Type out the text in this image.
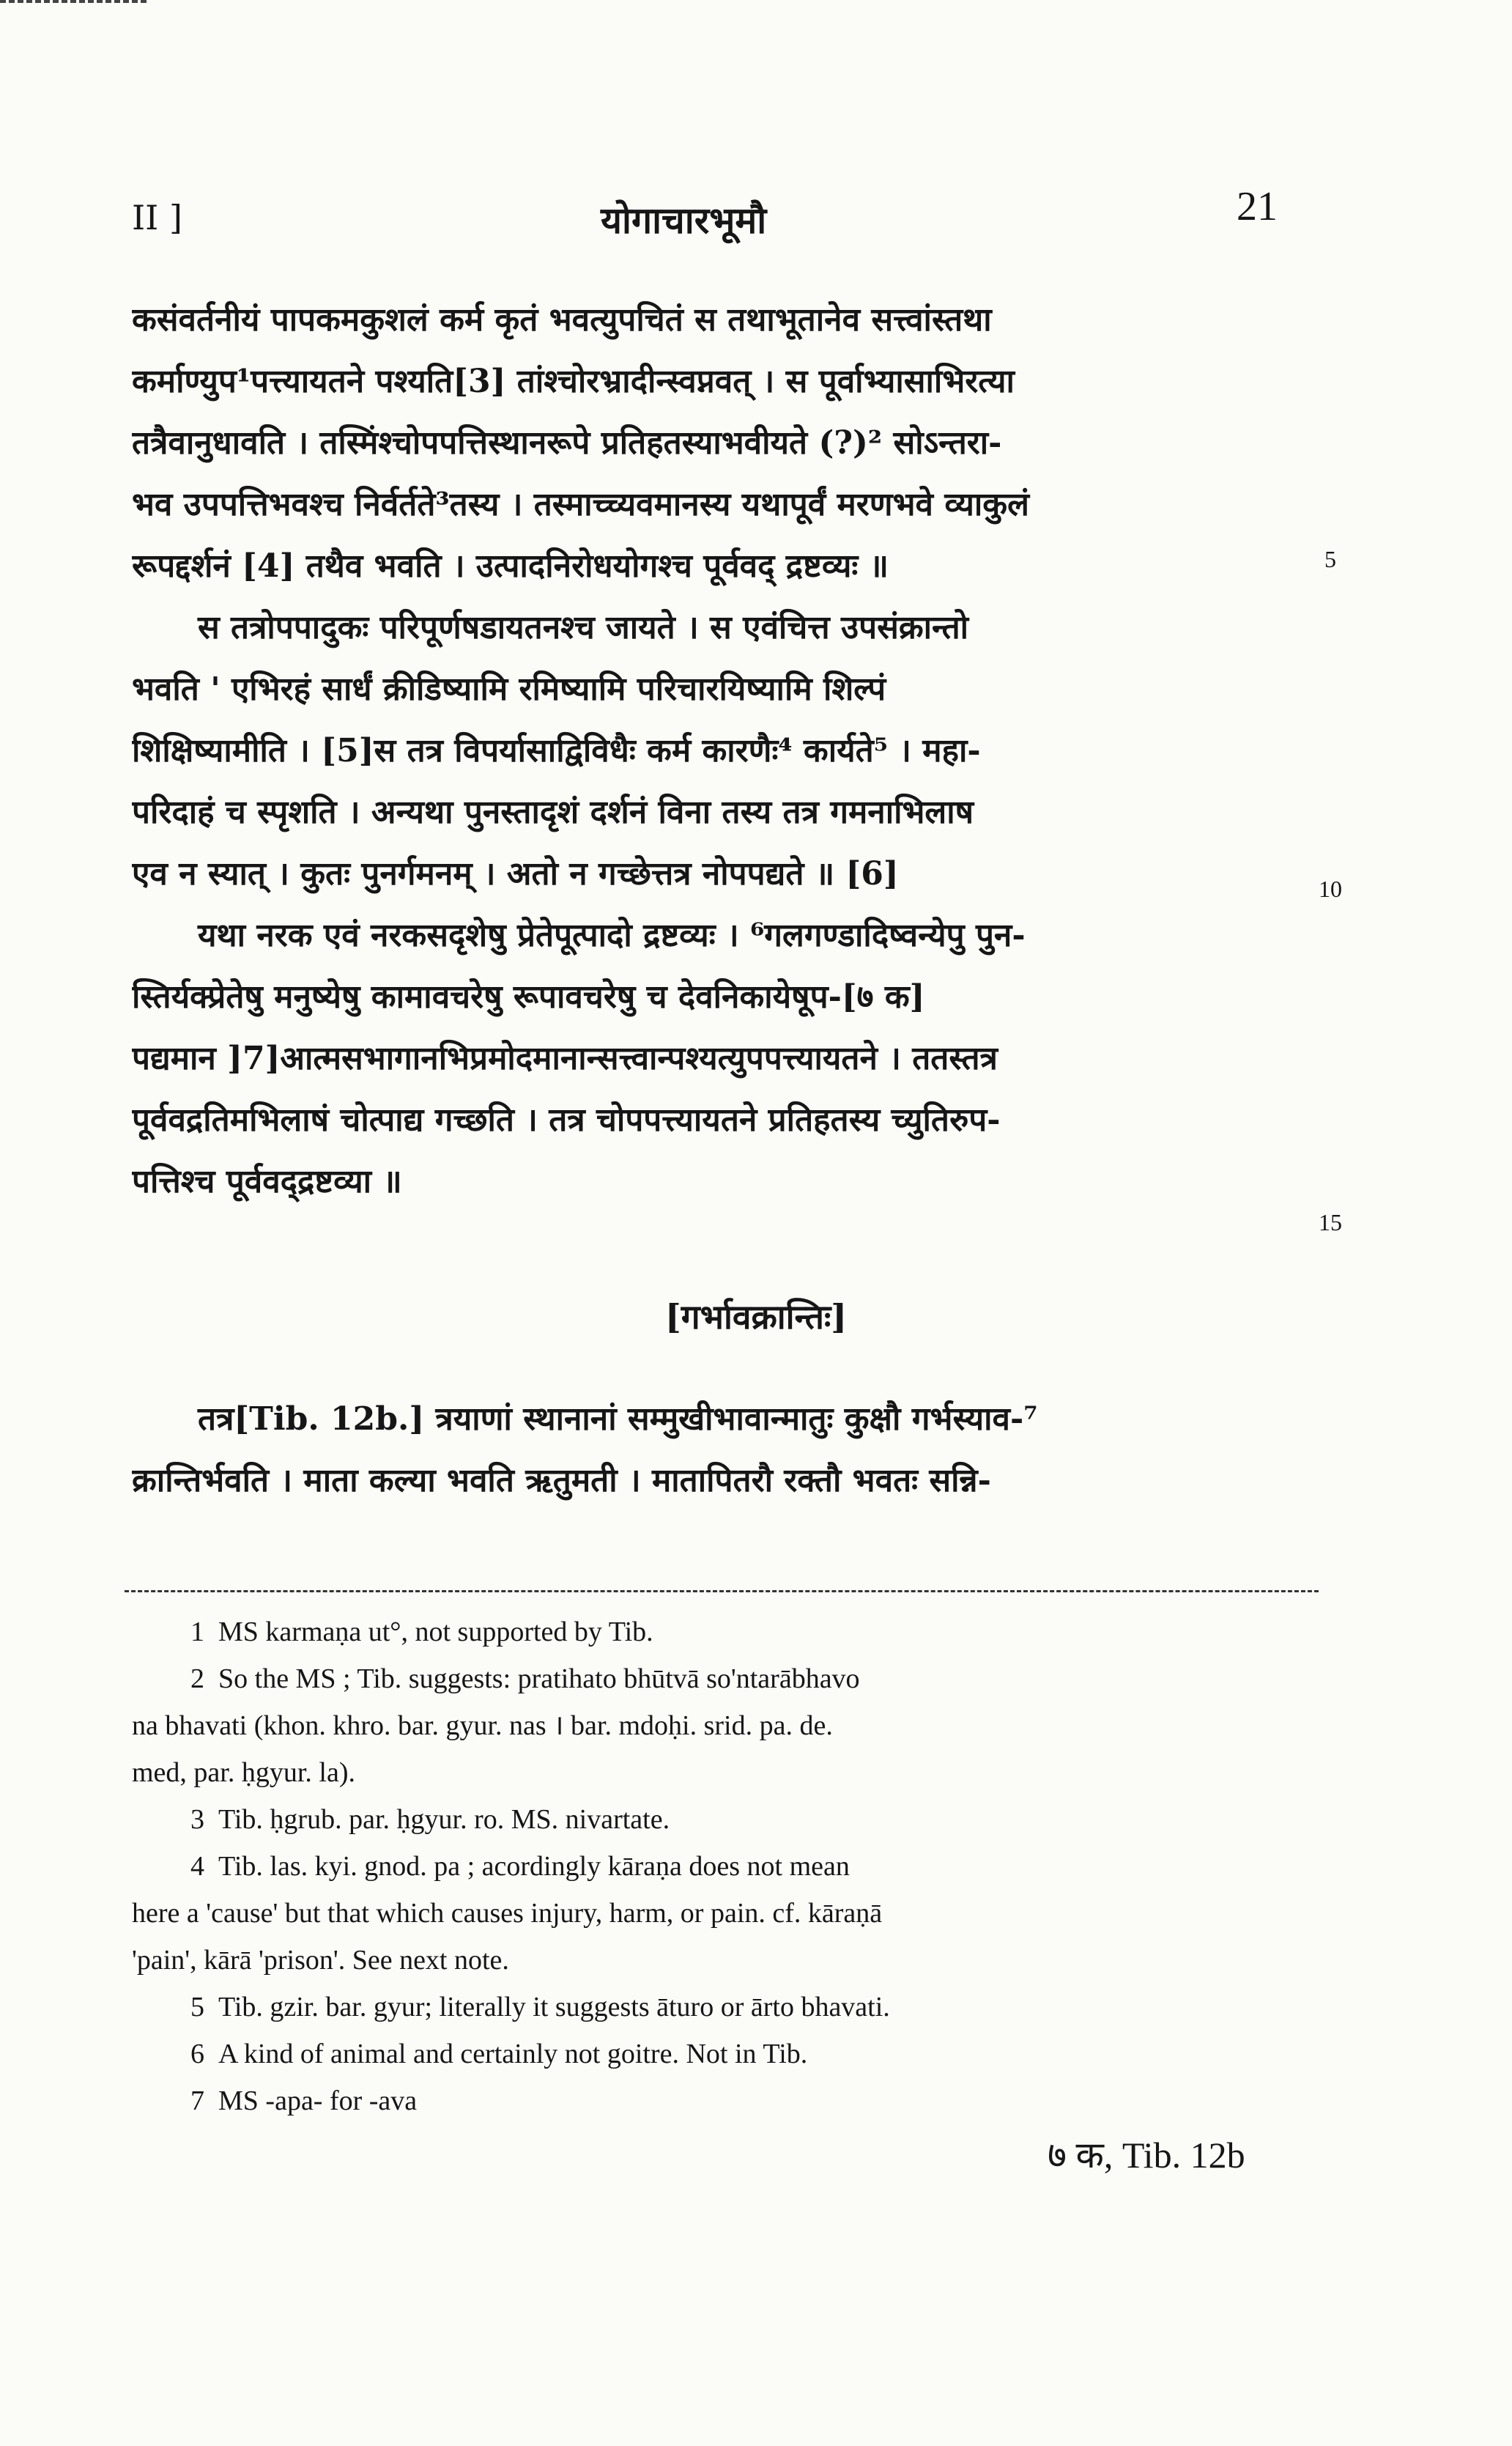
II ]	योगाचारभूमौ	21
कसंवर्तनीयं पापकमकुशलं कर्म कृतं भवत्युपचितं स तथाभूतानेव सत्त्वांस्तथा
कर्माण्युप¹पत्त्यायतने पश्यति[3] तांश्चोरभ्रादीन्स्वप्नवत् । स पूर्वाभ्यासाभिरत्या
तत्रैवानुधावति । तस्मिंश्चोपपत्तिस्थानरूपे प्रतिहतस्याभवीयते (?)² सोऽन्तरा-
भव उपपत्तिभवश्च निर्वर्तते³तस्य । तस्माच्च्यवमानस्य यथापूर्वं मरणभवे व्याकुलं
रूपद्दर्शनं [4] तथैव भवति । उत्पादनिरोधयोगश्च पूर्ववद् द्रष्टव्यः ॥
स तत्रोपपादुकः परिपूर्णषडायतनश्च जायते । स एवंचित्त उपसंक्रान्तो
भवति ' एभिरहं सार्धं क्रीडिष्यामि रमिष्यामि परिचारयिष्यामि शिल्पं
शिक्षिष्यामीति । [5]स तत्र विपर्यासाद्विविधैः कर्म कारणैः⁴ कार्यते⁵ । महा-
परिदाहं च स्पृशति । अन्यथा पुनस्तादृशं दर्शनं विना तस्य तत्र गमनाभिलाष
एव न स्यात् । कुतः पुनर्गमनम् । अतो न गच्छेत्तत्र नोपपद्यते ॥ [6]
यथा नरक एवं नरकसदृशेषु प्रेतेपूत्पादो द्रष्टव्यः । ⁶गलगण्डादिष्वन्येपु पुन-
स्तिर्यक्प्रेतेषु मनुष्येषु कामावचरेषु रूपावचरेषु च देवनिकायेषूप-[७ क]
पद्यमान ]7]आत्मसभागानभिप्रमोदमानान्सत्त्वान्पश्यत्युपपत्त्यायतने । ततस्तत्र
पूर्ववद्रतिमभिलाषं चोत्पाद्य गच्छति । तत्र चोपपत्त्यायतने प्रतिहतस्य च्युतिरुप-
पत्तिश्च पूर्ववद्द्रष्टव्या ॥
5
10
15
[गर्भावक्रान्तिः]
तत्र[Tib. 12b.] त्रयाणां स्थानानां सम्मुखीभावान्मातुः कुक्षौ गर्भस्याव-⁷
क्रान्तिर्भवति । माता कल्या भवति ऋतुमती । मातापितरौ रक्तौ भवतः सन्नि-
1 MS karmaṇa ut°, not supported by Tib.
2 So the MS ; Tib. suggests: pratihato bhūtvā so'ntarābhavo
na bhavati (khon. khro. bar. gyur. nas । bar. mdoḥi. srid. pa. de.
med, par. ḥgyur. la).
3 Tib. ḥgrub. par. ḥgyur. ro. MS. nivartate.
4 Tib. las. kyi. gnod. pa ; acordingly kāraṇa does not mean
here a 'cause' but that which causes injury, harm, or pain. cf. kāraṇā
'pain', kārā 'prison'. See next note.
5 Tib. gzir. bar. gyur; literally it suggests āturo or ārto bhavati.
6 A kind of animal and certainly not goitre. Not in Tib.
7 MS -apa- for -ava
७ क, Tib. 12b
